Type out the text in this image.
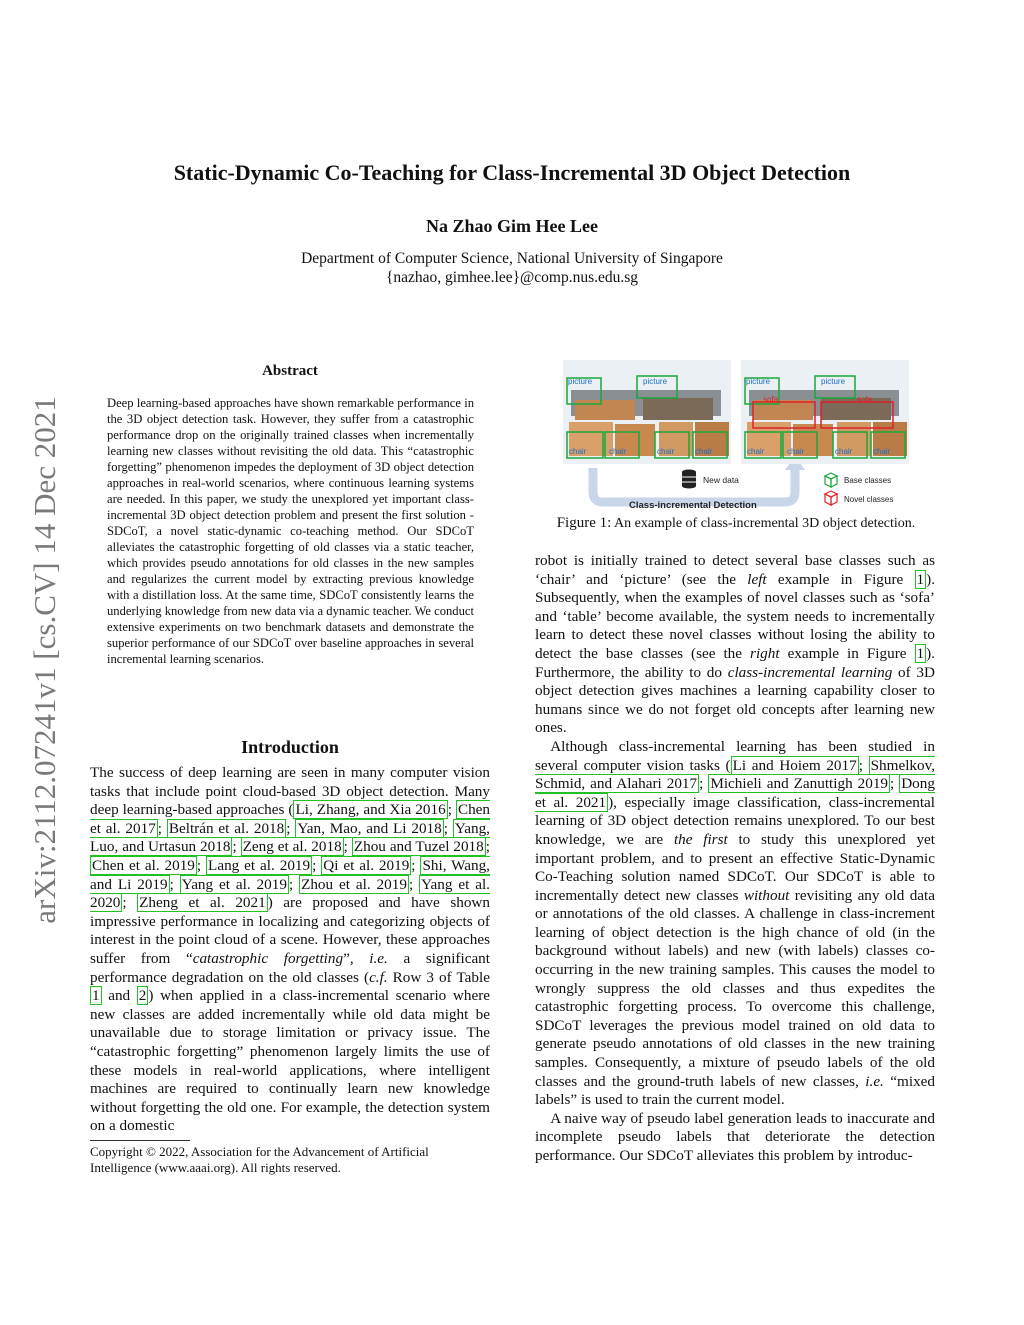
arXiv:2112.07241v1 [cs.CV] 14 Dec 2021
Static-Dynamic Co-Teaching for Class-Incremental 3D Object Detection
Na Zhao Gim Hee Lee
Department of Computer Science, National University of Singapore
{nazhao, gimhee.lee}@comp.nus.edu.sg
Abstract

Deep learning-based approaches have shown remarkable performance in the 3D object detection task. However, they suffer from a catastrophic performance drop on the originally trained classes when incrementally learning new classes without revisiting the old data. This “catastrophic forgetting” phenomenon impedes the deployment of 3D object detection approaches in real-world scenarios, where continuous learning systems are needed. In this paper, we study the unexplored yet important class-incremental 3D object detection problem and present the first solution - SDCoT, a novel static-dynamic co-teaching method. Our SDCoT alleviates the catastrophic forgetting of old classes via a static teacher, which provides pseudo annotations for old classes in the new samples and regularizes the current model by extracting previous knowledge with a distillation loss. At the same time, SDCoT consistently learns the underlying knowledge from new data via a dynamic teacher. We conduct extensive experiments on two benchmark datasets and demonstrate the superior performance of our SDCoT over baseline approaches in several incremental learning scenarios.

Introduction

The success of deep learning are seen in many computer vision tasks that include point cloud-based 3D object detection. Many deep learning-based approaches ( Li, Zhang, and Xia 2016 ; Chen et al. 2017 ; Beltrán et al. 2018 ; Yan, Mao, and Li 2018 ; Yang, Luo, and Urtasun 2018 ; Zeng et al. 2018 ; Zhou and Tuzel 2018 ; Chen et al. 2019 ; Lang et al. 2019 ; Qi et al. 2019 ; Shi, Wang, and Li 2019 ; Yang et al. 2019 ; Zhou et al. 2019 ; Yang et al. 2020 ; Zheng et al. 2021 ) are proposed and have shown impressive performance in localizing and categorizing objects of interest in the point cloud of a scene. However, these approaches suffer from “catastrophic forgetting”, i.e. a significant performance degradation on the old classes (c.f. Row 3 of Table 1 and 2 ) when applied in a class-incremental scenario where new classes are added incrementally while old data might be unavailable due to storage limitation or privacy issue. The “catastrophic forgetting” phenomenon largely limits the use of these models in real-world applications, where intelligent machines are required to continually learn new knowledge without forgetting the old one. For example, the detection system on a domestic

Copyright © 2022, Association for the Advancement of Artificial Intelligence (www.aaai.org). All rights reserved.

picture	picture
chair	chair	chair	chair
picture	picture
sofa	sofa
chair	chair	chair	chair
New data
Class-incremental Detection
Base classes
Novel classes

Figure 1: An example of class-incremental 3D object detection.

robot is initially trained to detect several base classes such as ‘chair’ and ‘picture’ (see the left example in Figure 1 ). Subsequently, when the examples of novel classes such as ‘sofa’ and ‘table’ become available, the system needs to incrementally learn to detect these novel classes without losing the ability to detect the base classes (see the right example in Figure 1 ). Furthermore, the ability to do class-incremental learning of 3D object detection gives machines a learning capability closer to humans since we do not forget old concepts after learning new ones.

Although class-incremental learning has been studied in several computer vision tasks ( Li and Hoiem 2017 ; Shmelkov, Schmid, and Alahari 2017 ; Michieli and Zanuttigh 2019 ; Dong et al. 2021 ), especially image classification, class-incremental learning of 3D object detection remains unexplored. To our best knowledge, we are the first to study this unexplored yet important problem, and to present an effective Static-Dynamic Co-Teaching solution named SDCoT. Our SDCoT is able to incrementally detect new classes without revisiting any old data or annotations of the old classes. A challenge in class-increment learning of object detection is the high chance of old (in the background without labels) and new (with labels) classes co-occurring in the new training samples. This causes the model to wrongly suppress the old classes and thus expedites the catastrophic forgetting process. To overcome this challenge, SDCoT leverages the previous model trained on old data to generate pseudo annotations of old classes in the new training samples. Consequently, a mixture of pseudo labels of the old classes and the ground-truth labels of new classes, i.e. “mixed labels” is used to train the current model.

A naive way of pseudo label generation leads to inaccurate and incomplete pseudo labels that deteriorate the detection performance. Our SDCoT alleviates this problem by introduc-
